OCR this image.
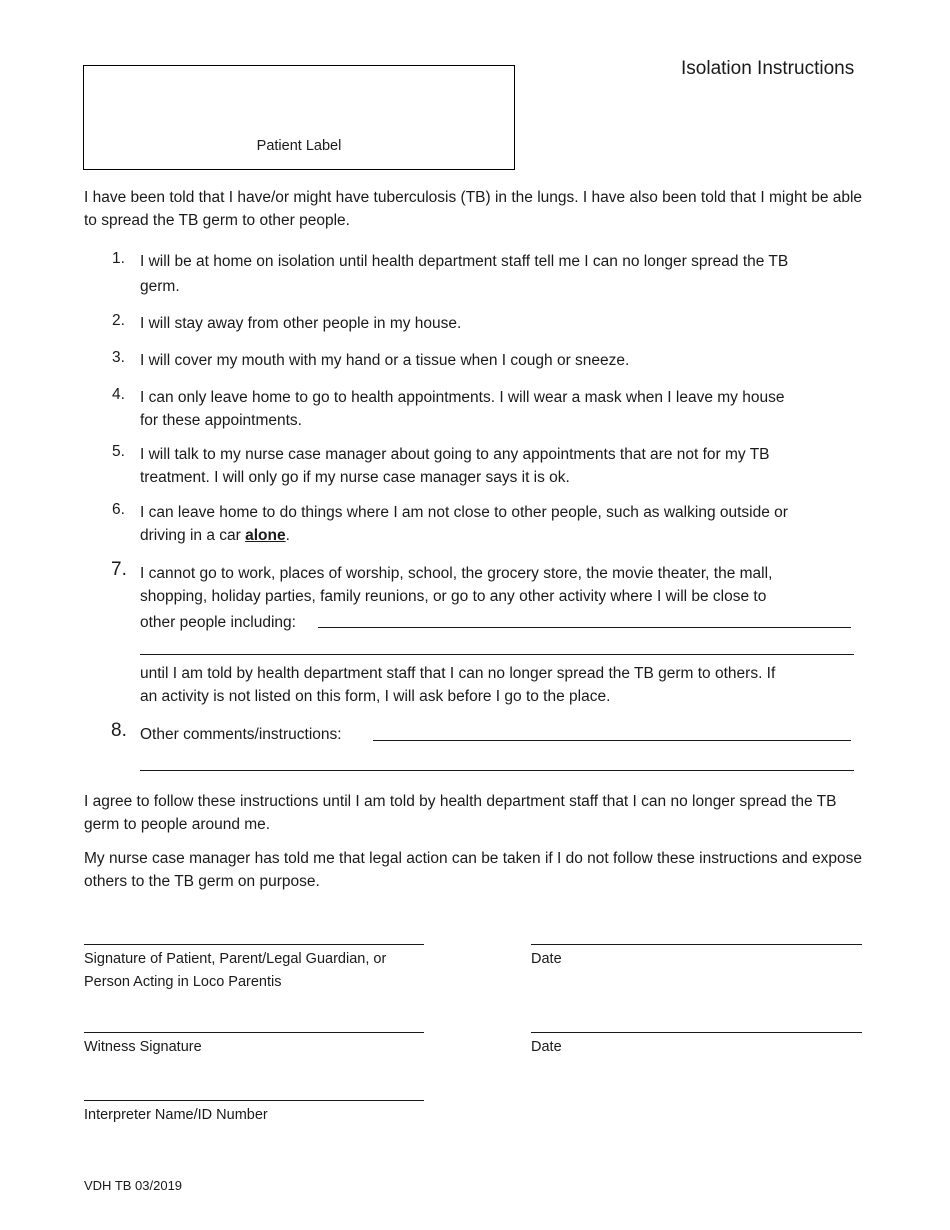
Isolation Instructions
Patient Label
I have been told that I have/or might have tuberculosis (TB) in the lungs. I have also been told that I might be able to spread the TB germ to other people.
1. I will be at home on isolation until health department staff tell me I can no longer spread the TB
germ.
2. I will stay away from other people in my house.
3. I will cover my mouth with my hand or a tissue when I cough or sneeze.
4. I can only leave home to go to health appointments. I will wear a mask when I leave my house
for these appointments.
5. I will talk to my nurse case manager about going to any appointments that are not for my TB
treatment. I will only go if my nurse case manager says it is ok.
6. I can leave home to do things where I am not close to other people, such as walking outside or
driving in a car alone.
7. I cannot go to work, places of worship, school, the grocery store, the movie theater, the mall,
shopping, holiday parties, family reunions, or go to any other activity where I will be close to
other people including:
until I am told by health department staff that I can no longer spread the TB germ to others. If
an activity is not listed on this form, I will ask before I go to the place.
8. Other comments/instructions:
I agree to follow these instructions until I am told by health department staff that I can no longer spread the TB germ to people around me.
My nurse case manager has told me that legal action can be taken if I do not follow these instructions and expose others to the TB germ on purpose.
Signature of Patient, Parent/Legal Guardian, or
Person Acting in Loco Parentis
Date
Witness Signature	Date
Interpreter Name/ID Number
VDH TB 03/2019
